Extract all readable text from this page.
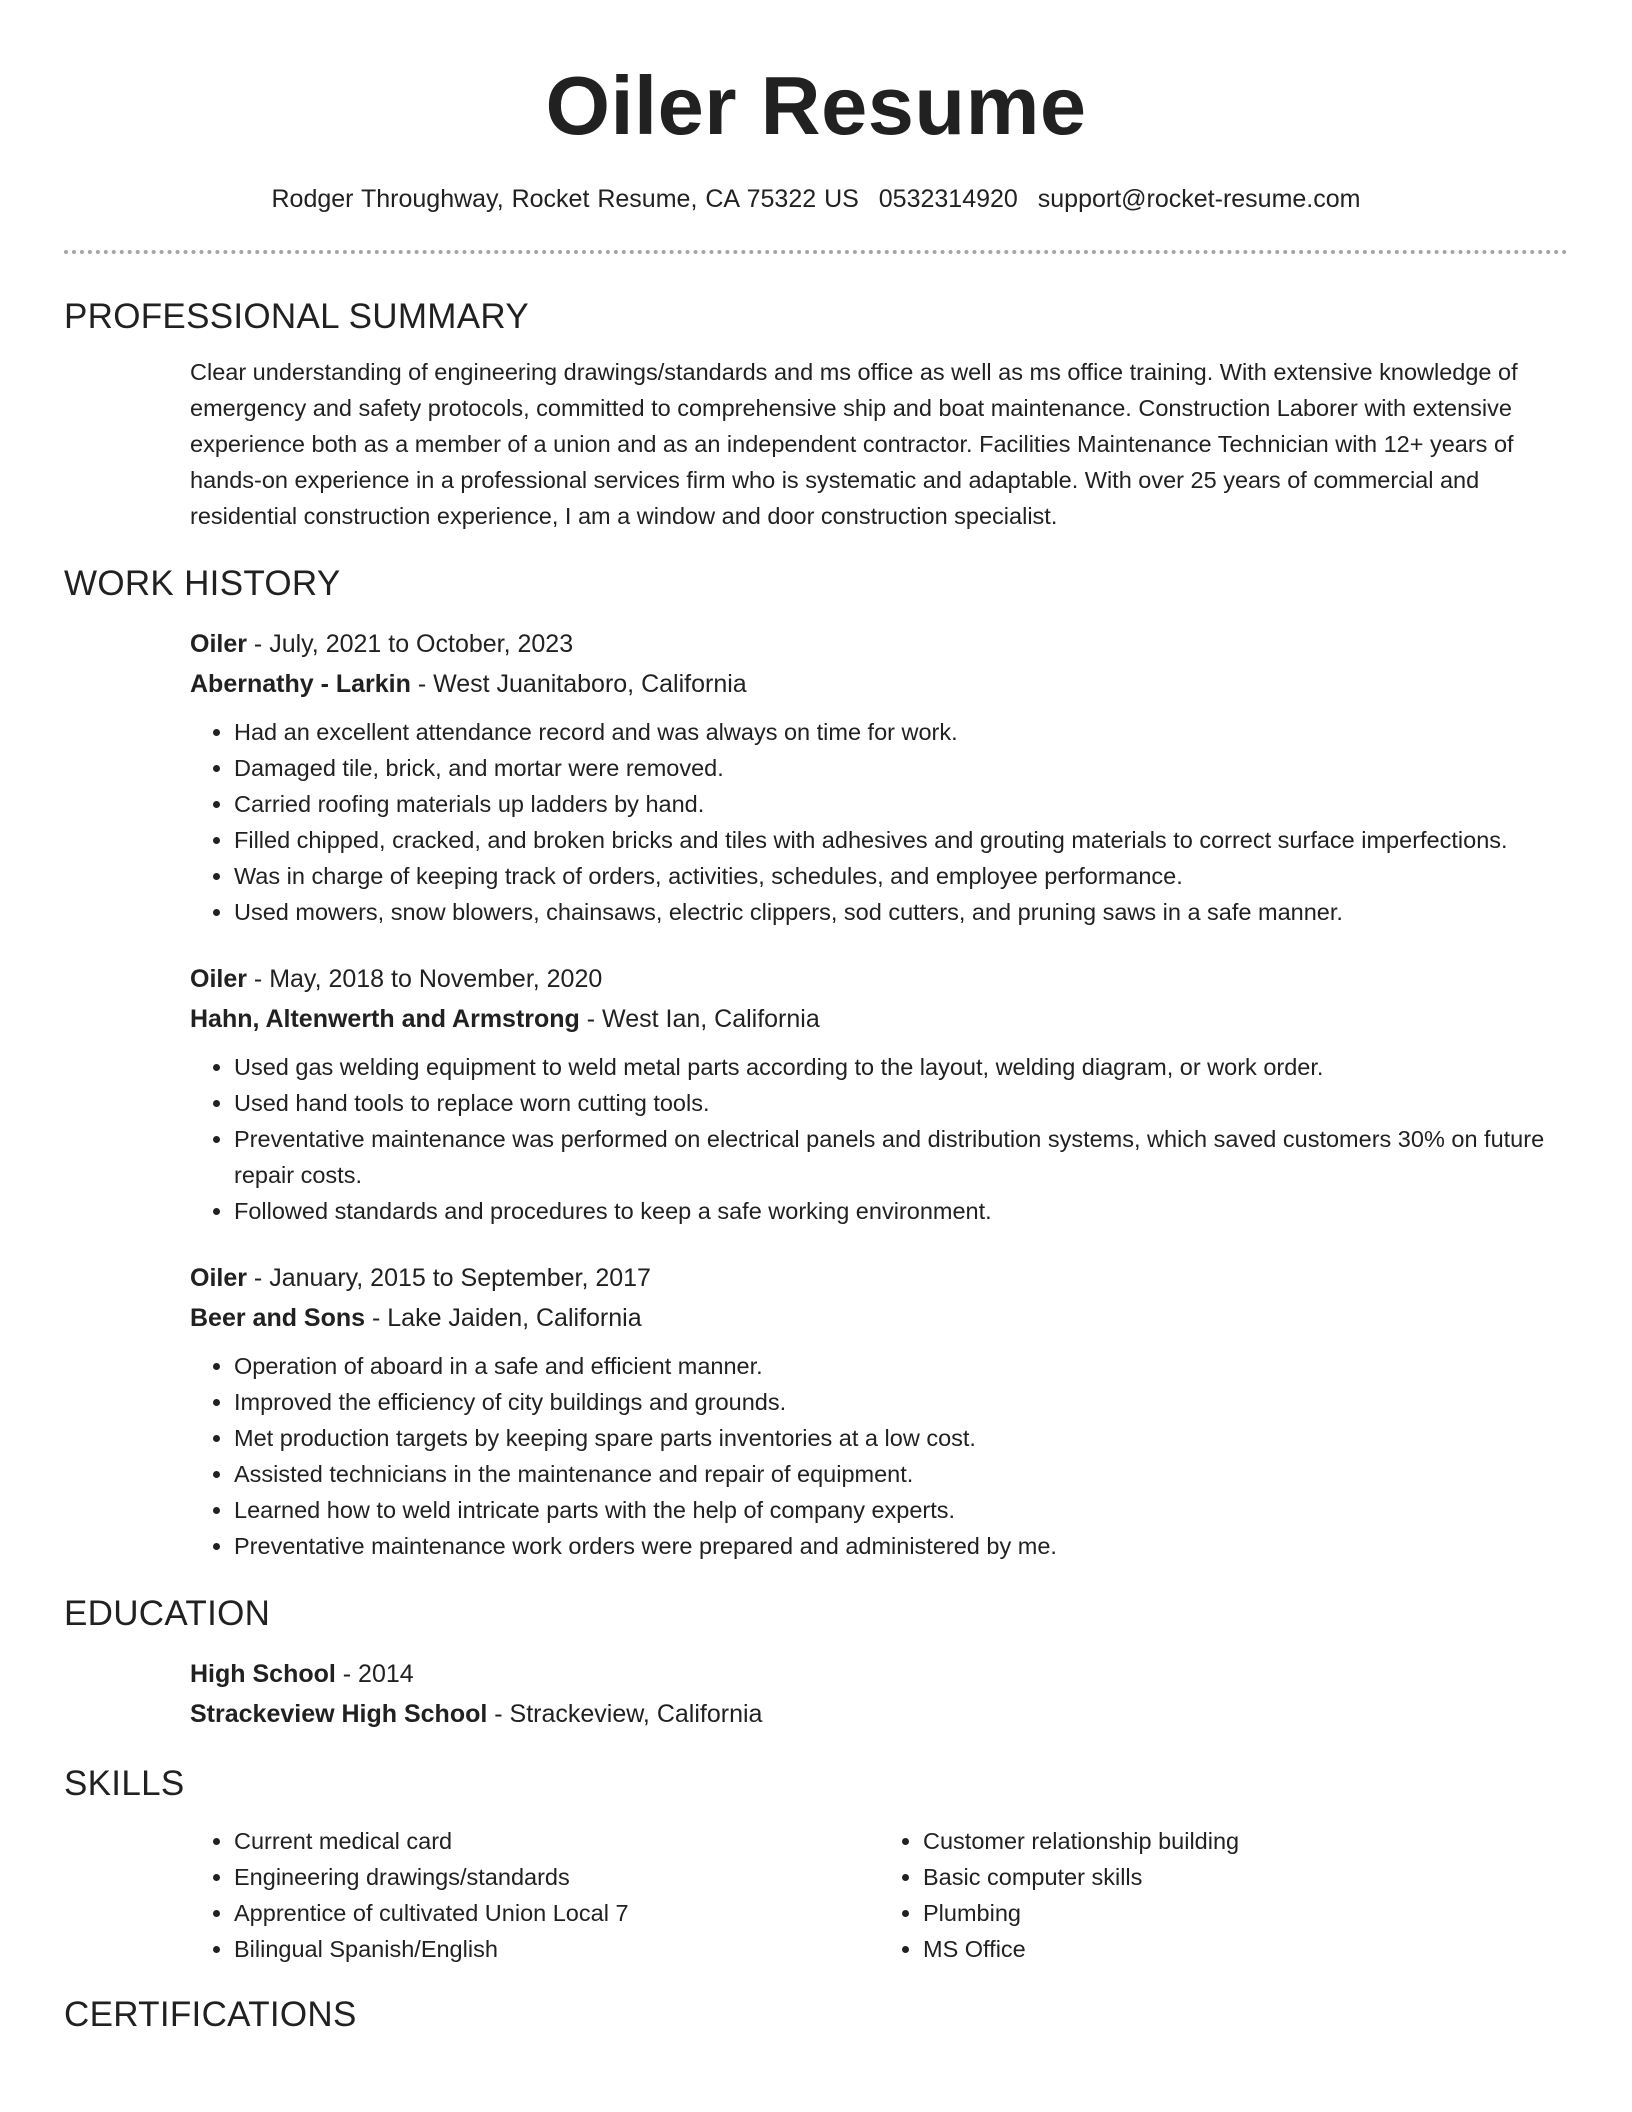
Oiler Resume
Rodger Throughway, Rocket Resume, CA 75322 US 0532314920 support@rocket-resume.com
PROFESSIONAL SUMMARY

Clear understanding of engineering drawings/standards and ms office as well as ms office training. With extensive knowledge of emergency and safety protocols, committed to comprehensive ship and boat maintenance. Construction Laborer with extensive experience both as a member of a union and as an independent contractor. Facilities Maintenance Technician with 12+ years of hands-on experience in a professional services firm who is systematic and adaptable. With over 25 years of commercial and residential construction experience, I am a window and door construction specialist.

WORK HISTORY
Oiler - July, 2021 to October, 2023
Abernathy - Larkin - West Juanitaboro, California
• Had an excellent attendance record and was always on time for work.
• Damaged tile, brick, and mortar were removed.
• Carried roofing materials up ladders by hand.
• Filled chipped, cracked, and broken bricks and tiles with adhesives and grouting materials to correct surface imperfections.
• Was in charge of keeping track of orders, activities, schedules, and employee performance.
• Used mowers, snow blowers, chainsaws, electric clippers, sod cutters, and pruning saws in a safe manner.
Oiler - May, 2018 to November, 2020
Hahn, Altenwerth and Armstrong - West Ian, California
• Used gas welding equipment to weld metal parts according to the layout, welding diagram, or work order.
• Used hand tools to replace worn cutting tools.
• Preventative maintenance was performed on electrical panels and distribution systems, which saved customers 30% on future repair costs.
• Followed standards and procedures to keep a safe working environment.
Oiler - January, 2015 to September, 2017
Beer and Sons - Lake Jaiden, California
• Operation of aboard in a safe and efficient manner.
• Improved the efficiency of city buildings and grounds.
• Met production targets by keeping spare parts inventories at a low cost.
• Assisted technicians in the maintenance and repair of equipment.
• Learned how to weld intricate parts with the help of company experts.
• Preventative maintenance work orders were prepared and administered by me.
EDUCATION
High School - 2014
Strackeview High School - Strackeview, California
SKILLS
• Current medical card
• Engineering drawings/standards
• Apprentice of cultivated Union Local 7
• Bilingual Spanish/English
• Customer relationship building
• Basic computer skills
• Plumbing
• MS Office
CERTIFICATIONS
